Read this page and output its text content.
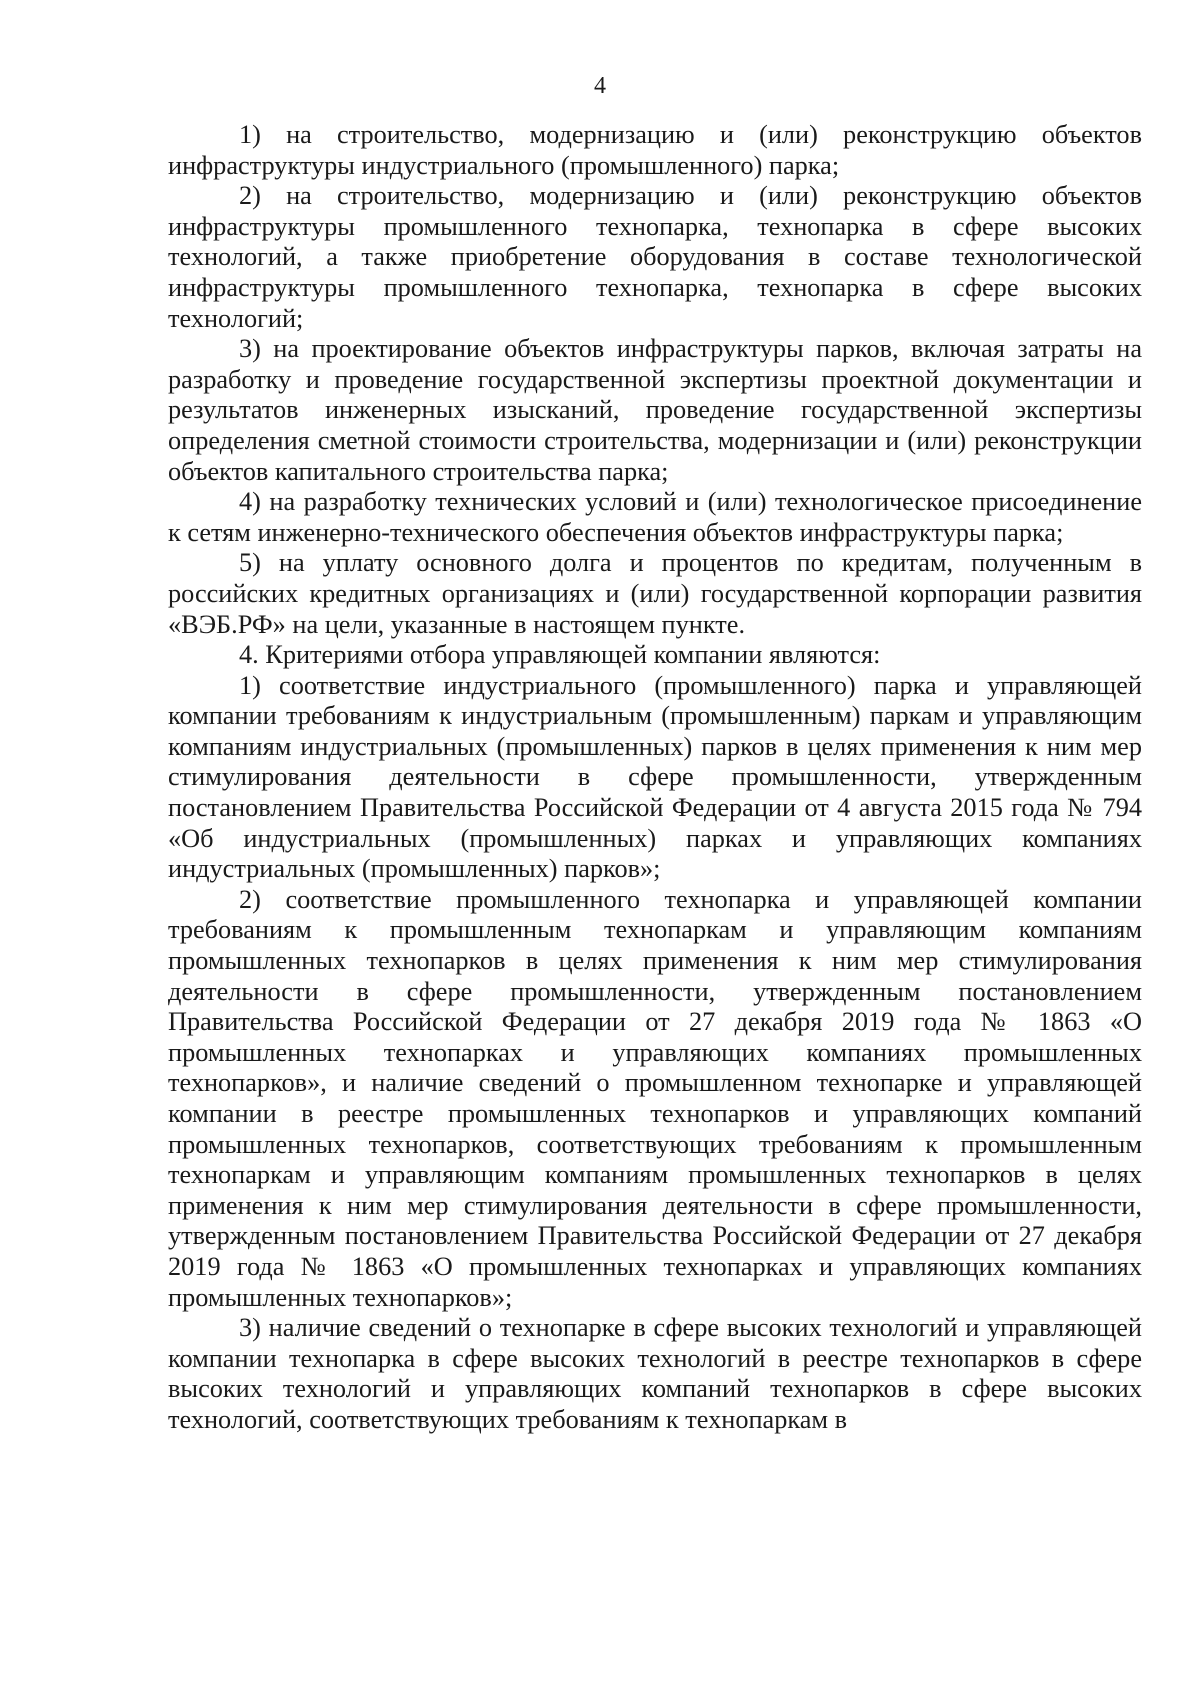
4

1) на строительство, модернизацию и (или) реконструкцию объектов инфраструктуры индустриального (промышленного) парка;

2) на строительство, модернизацию и (или) реконструкцию объектов инфраструктуры промышленного технопарка, технопарка в сфере высоких технологий, а также приобретение оборудования в составе технологической инфраструктуры промышленного технопарка, технопарка в сфере высоких технологий;

3) на проектирование объектов инфраструктуры парков, включая затраты на разработку и проведение государственной экспертизы проектной документации и результатов инженерных изысканий, проведение государственной экспертизы определения сметной стоимости строительства, модернизации и (или) реконструкции объектов капитального строительства парка;

4) на разработку технических условий и (или) технологическое присоединение к сетям инженерно-технического обеспечения объектов инфраструктуры парка;

5) на уплату основного долга и процентов по кредитам, полученным в российских кредитных организациях и (или) государственной корпорации развития «ВЭБ.РФ» на цели, указанные в настоящем пункте.

4. Критериями отбора управляющей компании являются:

1) соответствие индустриального (промышленного) парка и управляющей компании требованиям к индустриальным (промышленным) паркам и управляющим компаниям индустриальных (промышленных) парков в целях применения к ним мер стимулирования деятельности в сфере промышленности, утвержденным постановлением Правительства Российской Федерации от 4 августа 2015 года № 794 «Об индустриальных (промышленных) парках и управляющих компаниях индустриальных (промышленных) парков»;

2) соответствие промышленного технопарка и управляющей компании требованиям к промышленным технопаркам и управляющим компаниям промышленных технопарков в целях применения к ним мер стимулирования деятельности в сфере промышленности, утвержденным постановлением Правительства Российской Федерации от 27 декабря 2019 года № 1863 «О промышленных технопарках и управляющих компаниях промышленных технопарков», и наличие сведений о промышленном технопарке и управляющей компании в реестре промышленных технопарков и управляющих компаний промышленных технопарков, соответствующих требованиям к промышленным технопаркам и управляющим компаниям промышленных технопарков в целях применения к ним мер стимулирования деятельности в сфере промышленности, утвержденным постановлением Правительства Российской Федерации от 27 декабря 2019 года № 1863 «О промышленных технопарках и управляющих компаниях промышленных технопарков»;

3) наличие сведений о технопарке в сфере высоких технологий и управляющей компании технопарка в сфере высоких технологий в реестре технопарков в сфере высоких технологий и управляющих компаний технопарков в сфере высоких технологий, соответствующих требованиям к технопаркам в
